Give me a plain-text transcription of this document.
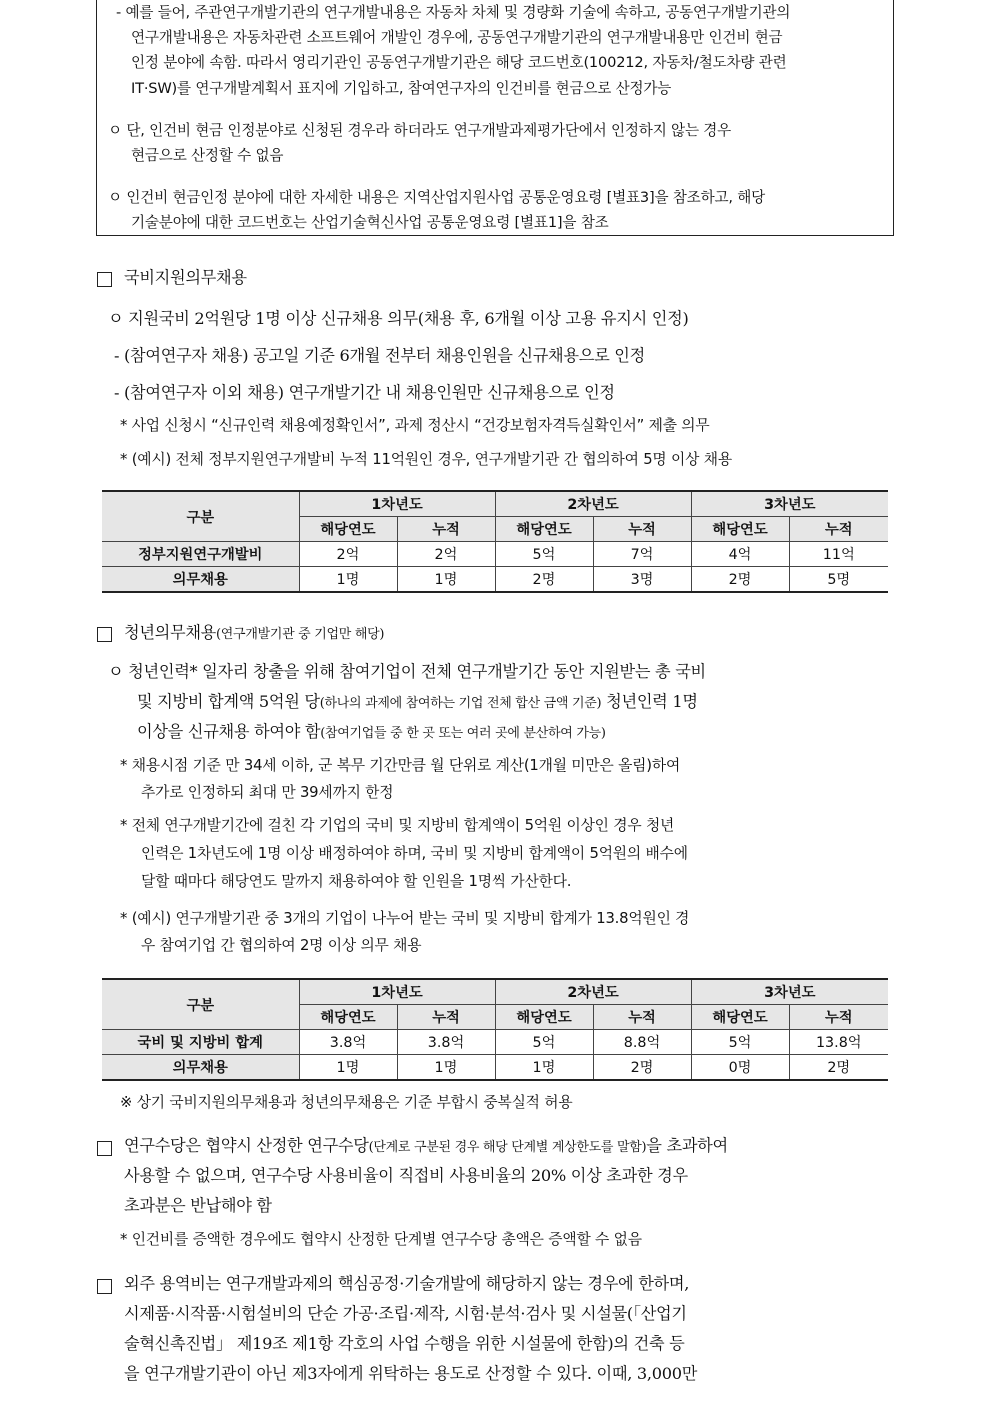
- 예를 들어, 주관연구개발기관의 연구개발내용은 자동차 차체 및 경량화 기술에 속하고, 공동연구개발기관의
연구개발내용은 자동차관련 소프트웨어 개발인 경우에, 공동연구개발기관의 연구개발내용만 인건비 현금
인정 분야에 속함. 따라서 영리기관인 공동연구개발기관은 해당 코드번호(100212, 자동차/철도차량 관련
IT·SW)를 연구개발계획서 표지에 기입하고, 참여연구자의 인건비를 현금으로 산정가능
ㅇ 단, 인건비 현금 인정분야로 신청된 경우라 하더라도 연구개발과제평가단에서 인정하지 않는 경우
현금으로 산정할 수 없음
ㅇ 인건비 현금인정 분야에 대한 자세한 내용은 지역산업지원사업 공통운영요령 [별표3]을 참조하고, 해당
기술분야에 대한 코드번호는 산업기술혁신사업 공통운영요령 [별표1]을 참조
국비지원의무채용
ㅇ 지원국비 2억원당 1명 이상 신규채용 의무(채용 후, 6개월 이상 고용 유지시 인정)
- (참여연구자 채용) 공고일 기준 6개월 전부터 채용인원을 신규채용으로 인정
- (참여연구자 이외 채용) 연구개발기간 내 채용인원만 신규채용으로 인정
* 사업 신청시 “신규인력 채용예정확인서”, 과제 정산시 “건강보험자격득실확인서” 제출 의무
* (예시) 전체 정부지원연구개발비 누적 11억원인 경우, 연구개발기관 간 협의하여 5명 이상 채용
구분	1차년도		2차년도		3차년도	
	해당연도	누적	해당연도	누적	해당연도	누적
정부지원연구개발비	2억	2억	5억	7억	4억	11억
의무채용	1명	1명	2명	3명	2명	5명
청년의무채용(연구개발기관 중 기업만 해당)
ㅇ 청년인력* 일자리 창출을 위해 참여기업이 전체 연구개발기간 동안 지원받는 총 국비
및 지방비 합계액 5억원 당(하나의 과제에 참여하는 기업 전체 합산 금액 기준) 청년인력 1명
이상을 신규채용 하여야 함(참여기업들 중 한 곳 또는 여러 곳에 분산하여 가능)
* 채용시점 기준 만 34세 이하, 군 복무 기간만큼 월 단위로 계산(1개월 미만은 올림)하여
추가로 인정하되 최대 만 39세까지 한정
* 전체 연구개발기간에 걸친 각 기업의 국비 및 지방비 합계액이 5억원 이상인 경우 청년
인력은 1차년도에 1명 이상 배정하여야 하며, 국비 및 지방비 합계액이 5억원의 배수에
달할 때마다 해당연도 말까지 채용하여야 할 인원을 1명씩 가산한다.
* (예시) 연구개발기관 중 3개의 기업이 나누어 받는 국비 및 지방비 합계가 13.8억원인 경
우 참여기업 간 협의하여 2명 이상 의무 채용
구분	1차년도		2차년도		3차년도	
	해당연도	누적	해당연도	누적	해당연도	누적
국비 및 지방비 합계	3.8억	3.8억	5억	8.8억	5억	13.8억
의무채용	1명	1명	1명	2명	0명	2명
※ 상기 국비지원의무채용과 청년의무채용은 기준 부합시 중복실적 허용
연구수당은 협약시 산정한 연구수당(단계로 구분된 경우 해당 단계별 계상한도를 말함)을 초과하여
사용할 수 없으며, 연구수당 사용비율이 직접비 사용비율의 20% 이상 초과한 경우
초과분은 반납해야 함
* 인건비를 증액한 경우에도 협약시 산정한 단계별 연구수당 총액은 증액할 수 없음
외주 용역비는 연구개발과제의 핵심공정·기술개발에 해당하지 않는 경우에 한하며,
시제품·시작품·시험설비의 단순 가공·조립·제작, 시험·분석·검사 및 시설물(「산업기
술혁신촉진법」 제19조 제1항 각호의 사업 수행을 위한 시설물에 한함)의 건축 등
을 연구개발기관이 아닌 제3자에게 위탁하는 용도로 산정할 수 있다. 이때, 3,000만
